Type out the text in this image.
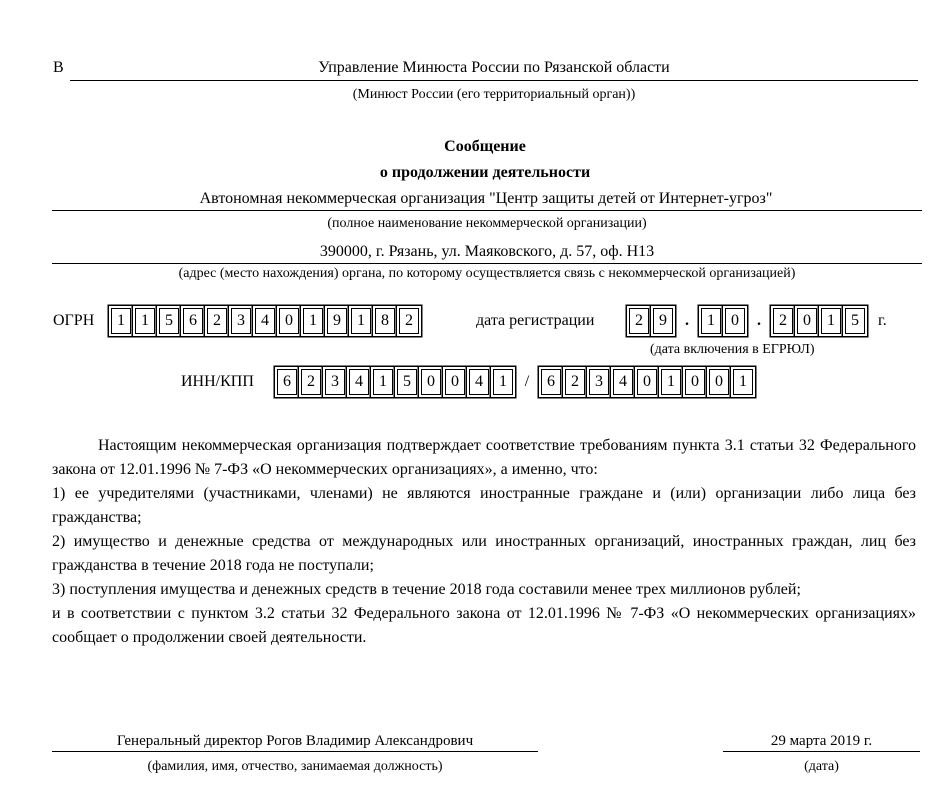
В	Управление Минюста России по Рязанской области
(Минюст России (его территориальный орган))
Сообщение
о продолжении деятельности
Автономная некоммерческая организация "Центр защиты детей от Интернет-угроз"
(полное наименование некоммерческой организации)
390000, г. Рязань, ул. Маяковского, д. 57, оф. Н13
(адрес (место нахождения) органа, по которому осуществляется связь с некоммерческой организацией)
ОГРН	1	1	5	6	2	3	4	0	1	9	1	8	2	дата регистрации	2	9	.	1	0	.	2	0	1	5	г.
(дата включения в ЕГРЮЛ)
ИНН/КПП	6	2	3	4	1	5	0	0	4	1	/	6	2	3	4	0	1	0	0	1

Настоящим некоммерческая организация подтверждает соответствие требованиям пункта 3.1 статьи 32 Федерального закона от 12.01.1996 № 7-ФЗ «О некоммерческих организациях», а именно, что:

1) ее учредителями (участниками, членами) не являются иностранные граждане и (или) организации либо лица без гражданства;

2) имущество и денежные средства от международных или иностранных организаций, иностранных граждан, лиц без гражданства в течение 2018 года не поступали;

3) поступления имущества и денежных средств в течение 2018 года составили менее трех миллионов рублей;

и в соответствии с пунктом 3.2 статьи 32 Федерального закона от 12.01.1996 № 7-ФЗ «О некоммерческих организациях» сообщает о продолжении своей деятельности.

Генеральный директор Рогов Владимир Александрович
(фамилия, имя, отчество, занимаемая должность)
29 марта 2019 г.
(дата)
